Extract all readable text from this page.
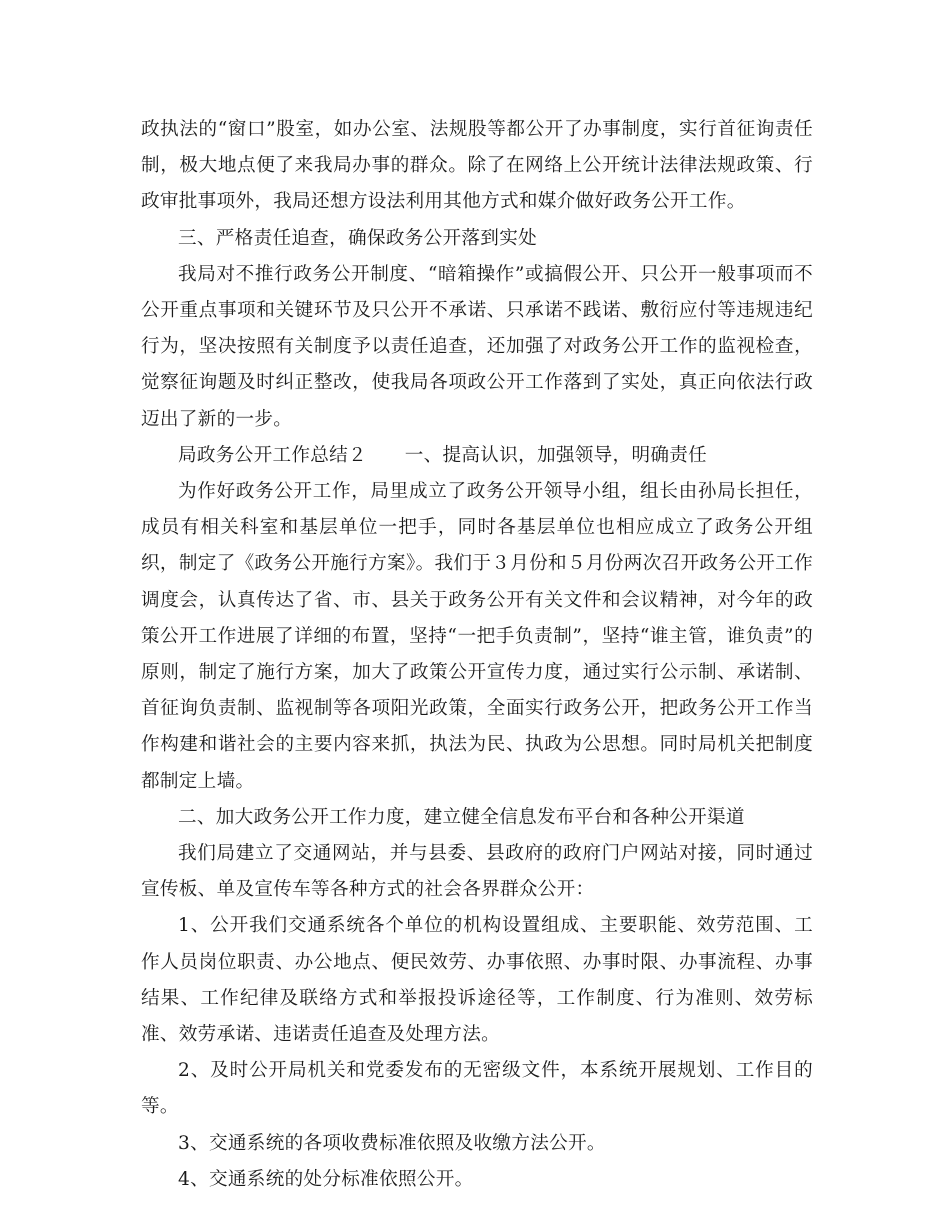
政执法的“窗口”股室，如办公室、法规股等都公开了办事制度，实行首征询责任制，极大地点便了来我局办事的群众。除了在网络上公开统计法律法规政策、行政审批事项外，我局还想方设法利用其他方式和媒介做好政务公开工作。

三、严格责任追查，确保政务公开落到实处

我局对不推行政务公开制度、“暗箱操作”或搞假公开、只公开一般事项而不公开重点事项和关键环节及只公开不承诺、只承诺不践诺、敷衍应付等违规违纪行为，坚决按照有关制度予以责任追查，还加强了对政务公开工作的监视检查，觉察征询题及时纠正整改，使我局各项政公开工作落到了实处，真正向依法行政迈出了新的一步。

局政务公开工作总结２　　一、提高认识，加强领导，明确责任

为作好政务公开工作，局里成立了政务公开领导小组，组长由孙局长担任，成员有相关科室和基层单位一把手，同时各基层单位也相应成立了政务公开组织，制定了《政务公开施行方案》。我们于３月份和５月份两次召开政务公开工作调度会，认真传达了省、市、县关于政务公开有关文件和会议精神，对今年的政策公开工作进展了详细的布置，坚持“一把手负责制”，坚持“谁主管，谁负责”的原则，制定了施行方案，加大了政策公开宣传力度，通过实行公示制、承诺制、首征询负责制、监视制等各项阳光政策，全面实行政务公开，把政务公开工作当作构建和谐社会的主要内容来抓，执法为民、执政为公思想。同时局机关把制度都制定上墙。

二、加大政务公开工作力度，建立健全信息发布平台和各种公开渠道

我们局建立了交通网站，并与县委、县政府的政府门户网站对接，同时通过宣传板、单及宣传车等各种方式的社会各界群众公开：

1、公开我们交通系统各个单位的机构设置组成、主要职能、效劳范围、工作人员岗位职责、办公地点、便民效劳、办事依照、办事时限、办事流程、办事结果、工作纪律及联络方式和举报投诉途径等，工作制度、行为准则、效劳标准、效劳承诺、违诺责任追查及处理方法。

2、及时公开局机关和党委发布的无密级文件，本系统开展规划、工作目的等。

3、交通系统的各项收费标准依照及收缴方法公开。

4、交通系统的处分标准依照公开。
